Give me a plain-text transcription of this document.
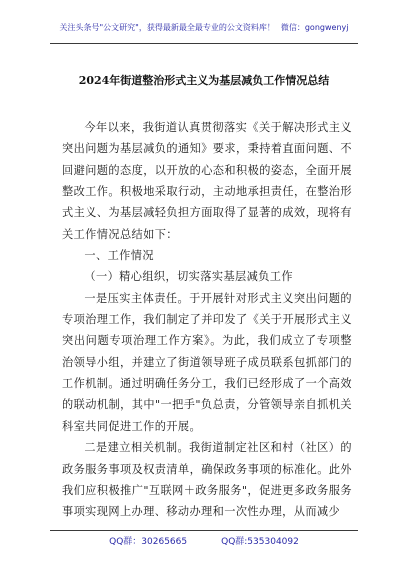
关注头条号"公文研究"，获得最新最全最专业的公文资料库！ 微信：gongwenyj
2024年街道整治形式主义为基层减负工作情况总结

今年以来，我街道认真贯彻落实《关于解决形式主义突出问题为基层减负的通知》要求，秉持着直面问题、不回避问题的态度，以开放的心态和积极的姿态，全面开展整改工作。积极地采取行动，主动地承担责任，在整治形式主义、为基层减轻负担方面取得了显著的成效，现将有关工作情况总结如下：

一、工作情况

（一）精心组织，切实落实基层减负工作

一是压实主体责任。于开展针对形式主义突出问题的专项治理工作，我们制定了并印发了《关于开展形式主义突出问题专项治理工作方案》。为此，我们成立了专项整治领导小组，并建立了街道领导班子成员联系包抓部门的工作机制。通过明确任务分工，我们已经形成了一个高效的联动机制，其中"一把手"负总责，分管领导亲自抓机关科室共同促进工作的开展。

二是建立相关机制。我街道制定社区和村（社区）的政务服务事项及权责清单，确保政务事项的标准化。此外我们应积极推广"互联网＋政务服务"，促进更多政务服务事项实现网上办理、移动办理和一次性办理，从而减少

QQ群：30265665	QQ群:535304092
